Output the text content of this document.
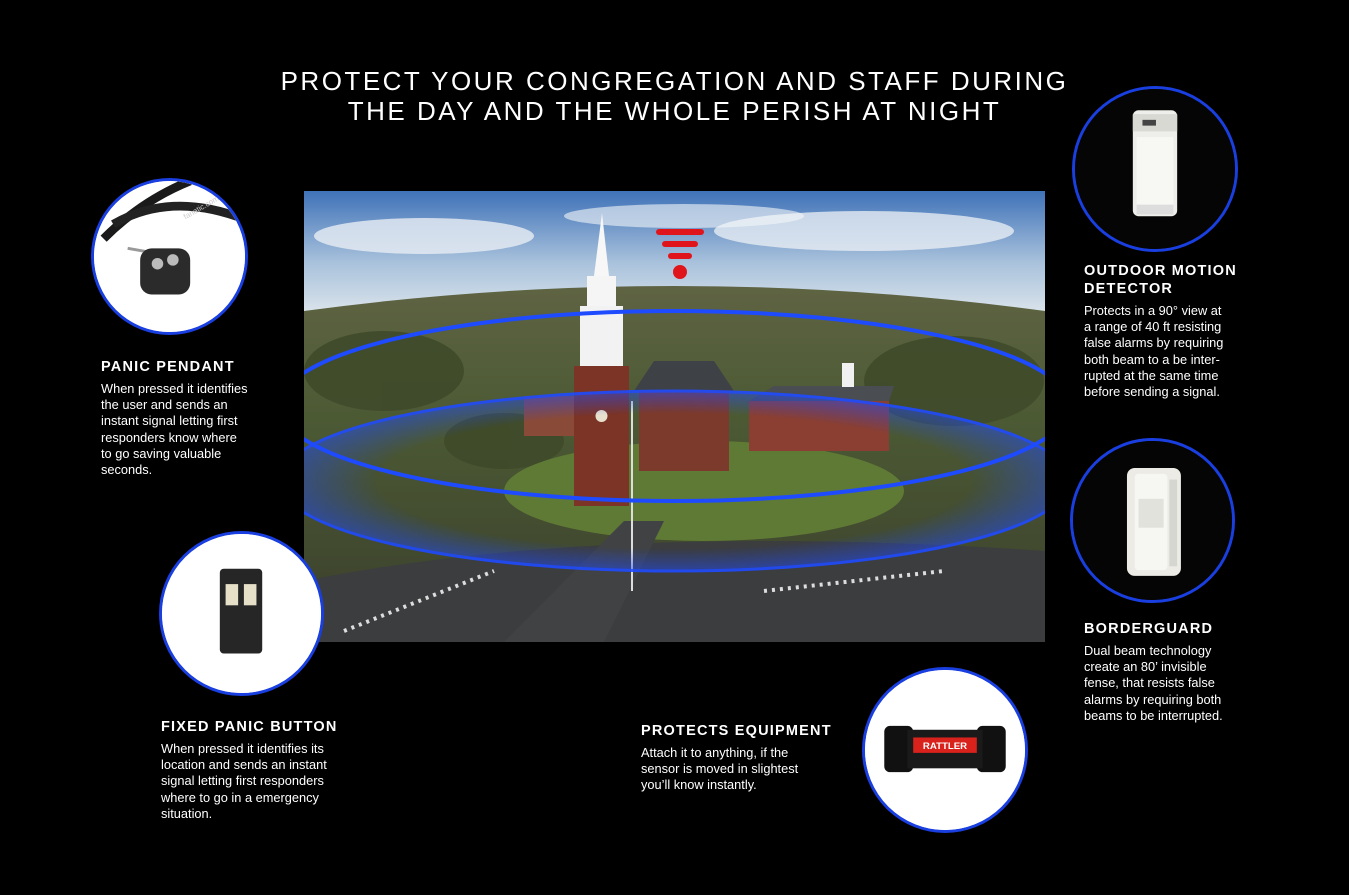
PROTECT YOUR CONGREGATION AND STAFF DURING
THE DAY AND THE WHOLE PERISH AT NIGHT
fanatic.com
PANIC PENDANT
When pressed it identifies
the user and sends an
instant signal letting first
responders know where
to go saving valuable
seconds.
FIXED PANIC BUTTON
When pressed it identifies its
location and sends an instant
signal letting first responders
where to go in a emergency
situation.
RATTLER
PROTECTS EQUIPMENT
Attach it to anything, if the
sensor is moved in slightest
you’ll know instantly.
OUTDOOR MOTION
DETECTOR
Protects in a 90° view at
a range of 40 ft resisting
false alarms by requiring
both beam to a be inter-
rupted at the same time
before sending a signal.
BORDERGUARD
Dual beam technology
create an 80’ invisible
fense, that resists false
alarms by requiring both
beams to be interrupted.
